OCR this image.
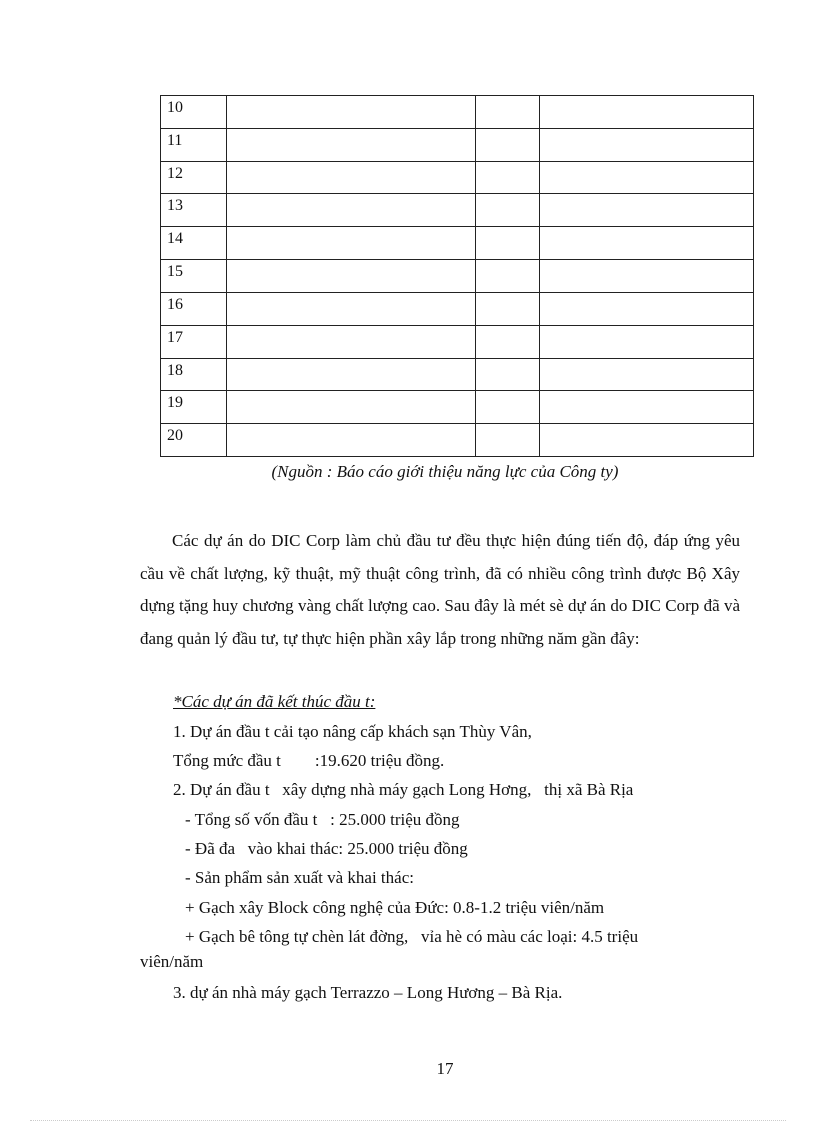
10			
11			
12			
13			
14			
15			
16			
17			
18			
19			
20			
(Nguồn : Báo cáo giới thiệu năng lực của Công ty)
Các dự án do DIC Corp làm chủ đầu tư đều thực hiện đúng tiến độ, đáp ứng yêu cầu về chất lượng, kỹ thuật, mỹ thuật công trình, đã có nhiều công trình được Bộ Xây dựng tặng huy chương vàng chất lượng cao. Sau đây là mét sè dự án do DIC Corp đã và đang quản lý đầu tư, tự thực hiện phần xây lắp trong những năm gần đây:
*Các dự án đã kết thúc đầu t:
1. Dự án đầu t cải tạo nâng cấp khách sạn Thùy Vân,
Tổng mức đầu t        :19.620 triệu đồng.
2. Dự án đầu t   xây dựng nhà máy gạch Long Hơng,   thị xã Bà Rịa
- Tổng số vốn đầu t   : 25.000 triệu đồng
- Đã đa   vào khai thác: 25.000 triệu đồng
- Sản phẩm sản xuất và khai thác:
+ Gạch xây Block công nghệ của Đức: 0.8-1.2 triệu viên/năm
+ Gạch bê tông tự chèn lát đờng,   vỉa hè có màu các loại: 4.5 triệu
viên/năm
3. dự án nhà máy gạch Terrazzo – Long Hương – Bà Rịa.
17
